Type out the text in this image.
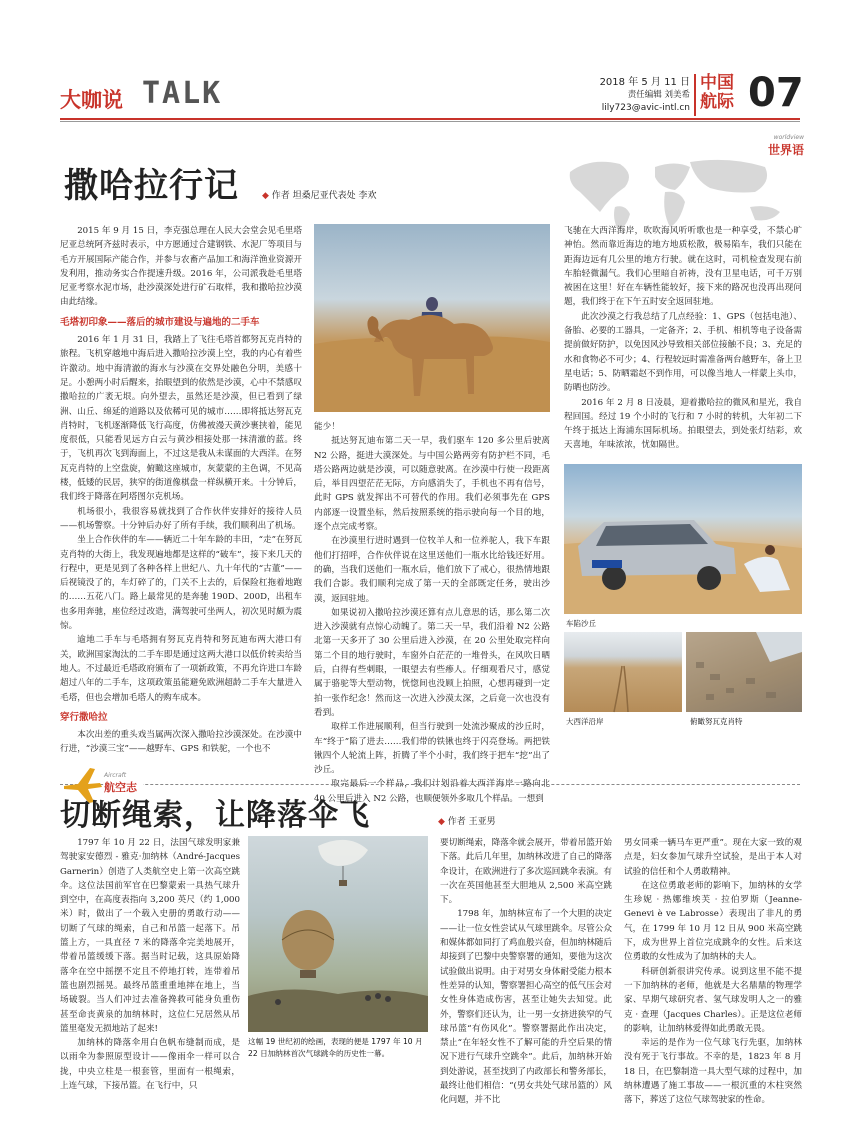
大咖说 TALK	2018 年 5 月 11 日
责任编辑 刘美希
lily723@avic-intl.cn
中国
航际 07
worldview
世界语
撒哈拉行记	◆ 作者 坦桑尼亚代表处 李欢

2015 年 9 月 15 日，李克强总理在人民大会堂会见毛里塔尼亚总统阿齐兹时表示，中方愿通过合建钢铁、水泥厂等项目与毛方开展国际产能合作，并参与农畜产品加工和海洋渔业资源开发利用，推动务实合作提速升级。2016 年，公司派我赴毛里塔尼亚考察水泥市场，赴沙漠深处进行矿石取样，我和撒哈拉沙漠由此结缘。

毛塔初印象——落后的城市建设与遍地的二手车

2016 年 1 月 31 日，我踏上了飞往毛塔首都努瓦克肖特的旅程。飞机穿越地中海后进入撒哈拉沙漠上空，我的内心有着些许激动。地中海清澈的海水与沙漠在交界处融色分明，美感十足。小憩两小时后醒来，抬眼望到的依然是沙漠，心中不禁感叹撒哈拉的广袤无垠。向外望去，虽然还是沙漠，但已看到了绿洲、山丘、绵延的道路以及依稀可见的城市……即将抵达努瓦克肖特时，飞机逐渐降低飞行高度，仿佛被漫天黄沙裹挟着，能见度很低，只能看见远方白云与黄沙相接处那一抹清澈的蓝。终于，飞机再次飞到海面上，不过这是我从未谋面的大西洋。在努瓦克肖特的上空盘旋，俯瞰这座城市，灰蒙蒙的主色调，不见高楼，低矮的民居，狭窄的街道像棋盘一样纵横开来。十分钟后，我们终于降落在阿塔图尔克机场。

机场很小，我很容易就找到了合作伙伴安排好的接待人员——机场警察。十分钟后办好了所有手续，我们顺利出了机场。

坐上合作伙伴的车——辆近二十年车龄的丰田，“走”在努瓦克肖特的大街上，我发现遍地都是这样的“破车”，接下来几天的行程中，更是见到了各种各样上世纪八、九十年代的“古董”——后视镜没了的，车灯碎了的，门关不上去的，后保险杠拖着地跑的……五花八门。路上最常见的是奔驰 190D、200D，出租车也多用奔驰，座位经过改造，满驾驶可坐两人，初次见时颇为震惊。

逾地二手车与毛塔拥有努瓦克肖特和努瓦迪布两大港口有关，欧洲国家淘汰的二手车即是通过这两大港口以低价转卖给当地人。不过最近毛塔政府颁布了一项新政策，不再允许进口车龄超过八年的二手车，这项政策虽能避免欧洲超龄二手车大量进入毛塔，但也会增加毛塔人的购车成本。

穿行撒哈拉

本次出差的重头戏当属两次深入撒哈拉沙漠深处。在沙漠中行进，“沙漠三宝”——越野车、GPS 和铁驼，一个也不

能少！

抵达努瓦迪布第二天一早，我们驱车 120 多公里后驶离 N2 公路，挺进大漠深处。与中国公路两旁有防护栏不同，毛塔公路两边就是沙漠，可以随意驶离。在沙漠中行使一段距离后，举目四望茫茫无际，方向感消失了，手机也不再有信号，此时 GPS 就发挥出不可替代的作用。我们必须事先在 GPS 内部逐一设置坐标，然后按照系统的指示驶向每一个目的地，逐个点完成考察。

在沙漠里行进时遇到一位牧羊人和一位养驼人，我下车跟他们打招呼，合作伙伴说在这里送他们一瓶水比给钱还好用。的确，当我们送他们一瓶水后，他们放下了戒心，很热情地跟我们合影。我们顺利完成了第一天的全部既定任务，驶出沙漠，返回驻地。

如果说初入撒哈拉沙漠还算有点儿意思的话，那么第二次进入沙漠就有点惊心动魄了。第二天一早，我们沿着 N2 公路北第一天多开了 30 公里后进入沙漠，在 20 公里处取完样向第二个目的地行驶时，车窗外白茫茫的一堆骨头，在风吹日晒后，白得有些刺眼，一眼望去有些瘆人。仔细观看尺寸，感觉属于骆驼等大型动物，恍惚间也没顾上拍照，心想再碰到一定拍一张作纪念！然而这一次进入沙漠太深，之后竟一次也没有看到。

取样工作进展顺利，但当行驶到一处流沙聚成的沙丘时，车“终于”陷了进去……我们带的铁锹也终于闪亮登场。两把铁锹四个人轮流上阵，折腾了半个小时，我们终于把车“挖”出了沙丘。

取完最后一个样品，我们计划沿着大西洋海岸一路向北 40 公里后进入 N2 公路，也顺便领外多取几个样品。一想到

飞驰在大西洋海岸，吹吹海风听听歌也是一种享受，不禁心旷神怡。然而靠近海边的地方地质松散，极易陷车，我们只能在距海边远有几公里的地方行驶。就在这时，司机检查发现右前车胎轻微漏气。我们心里暗自祈祷，没有卫星电话，可千万别被困在这里！好在车辆性能较好，接下来的路况也没再出现问题，我们终于在下午五时安全返回驻地。

此次沙漠之行我总结了几点经验：1、GPS（包括电池）、备胎、必要的工器具，一定备齐；2、手机、相机等电子设备需提前做好防护，以免因风沙导致相关部位接触不良；3、充足的水和食物必不可少；4、行程较远时需准备两台越野车，备上卫星电话；5、防晒霜赵不到作用，可以像当地人一样蒙上头巾，防晒也防沙。

2016 年 2 月 8 日凌晨，迎着撒哈拉的微风和星光，我自程回国。经过 19 个小时的飞行和 7 小时的转机，大年初二下午终于抵达上海浦东国际机场。拍眼望去，到处张灯结彩，欢天喜地，年味浓浓，忧如隔世。

车陷沙丘
大西洋沿岸	俯瞰努瓦克肖特
Aircraft
航空志
切断绳索，让降落伞飞	◆ 作者 王亚男

1797 年 10 月 22 日，法国气球发明家兼驾驶家安德烈 - 雅克·加纳林（André-Jacques Garnerin）创造了人类航空史上第一次高空跳伞。这位法国前军官在巴黎蒙索一具热气球升到空中，在高度表指向 3,200 英尺（约 1,000 米）时，做出了一个载入史册的勇敢行动——切断了气球的绳索，自己和吊篮一起落下。吊篮上方，一具直径 7 米的降落伞完美地展开，带着吊篮缓缓下落。据当时记载，这具原始降落伞在空中摇摆不定且不停地打转，连带着吊篮也剧烈摇晃。最终吊篮重重地摔在地上，当场破裂。当人们冲过去准备搀救可能身负重伤甚至命丧黄泉的加纳林时，这位仁兄居然从吊篮里毫发无损地站了起来!

加纳林的降落伞用白色帆布缝制而成，是以雨伞为参照原型设计——像雨伞一样可以合拢，中央立柱是一根套管，里面有一根绳索，上连气球，下接吊篮。在飞行中，只

这幅 19 世纪初的绘画，表现的便是 1797 年 10 月 22 日加纳林首次气球跳伞的历史性一幕。

要切断绳索，降落伞就会展开，带着吊篮开始下落。此后几年里，加纳林改进了自己的降落伞设计，在欧洲进行了多次巡回跳伞表演。有一次在英国他甚至大胆地从 2,500 米高空跳下。

1798 年，加纳林宣布了一个大胆的决定——让一位女性尝试从气球里跳伞。尽管公众和媒体都如同打了鸡血般兴奋，但加纳林随后却接到了巴黎中央警察署的通知，要他为这次试验做出说明。由于对男女身体耐受能力根本性差异的认知，警察署担心高空的低气压会对女性身体造成伤害，甚至让她失去知觉。此外，警察们还认为，让一男一女挤进狭窄的气球吊篮“有伤风化”。警察署据此作出决定，禁止“在年轻女性不了解可能的升空后果的情况下进行气球升空跳伞”。此后，加纳林开始到处游说，甚至找到了内政部长和警务部长，最终让他们相信：“(男女共处气球吊篮的）风化问题，并不比

男女同乘一辆马车更严重”。现在大家一致的观点是，妇女参加气球升空试验，是出于本人对试验的信任和个人勇敢精神。

在这位勇敢老师的影响下，加纳林的女学生珍妮 · 热娜维埃芙 · 拉伯罗斯（Jeanne-Genevi è ve Labrosse）表现出了非凡的勇气，在 1799 年 10 月 12 日从 900 米高空跳下，成为世界上首位完成跳伞的女性。后来这位勇敢的女性成为了加纳林的夫人。

科研创新很讲究传承。说到这里不能不提一下加纳林的老师，他就是大名鼎鼎的物理学家、早期气球研究者、氢气球发明人之一的雅克 · 查理（Jacques Charles）。正是这位老师的影响，让加纳林爱得如此勇敢无畏。

幸运的是作为一位气球飞行先驱，加纳林没有死于飞行事故。不幸的是，1823 年 8 月 18 日，在巴黎制造一具大型气球的过程中，加纳林遭遇了施工事故——一根沉重的木柱突然落下，葬送了这位气球驾驶家的性命。
